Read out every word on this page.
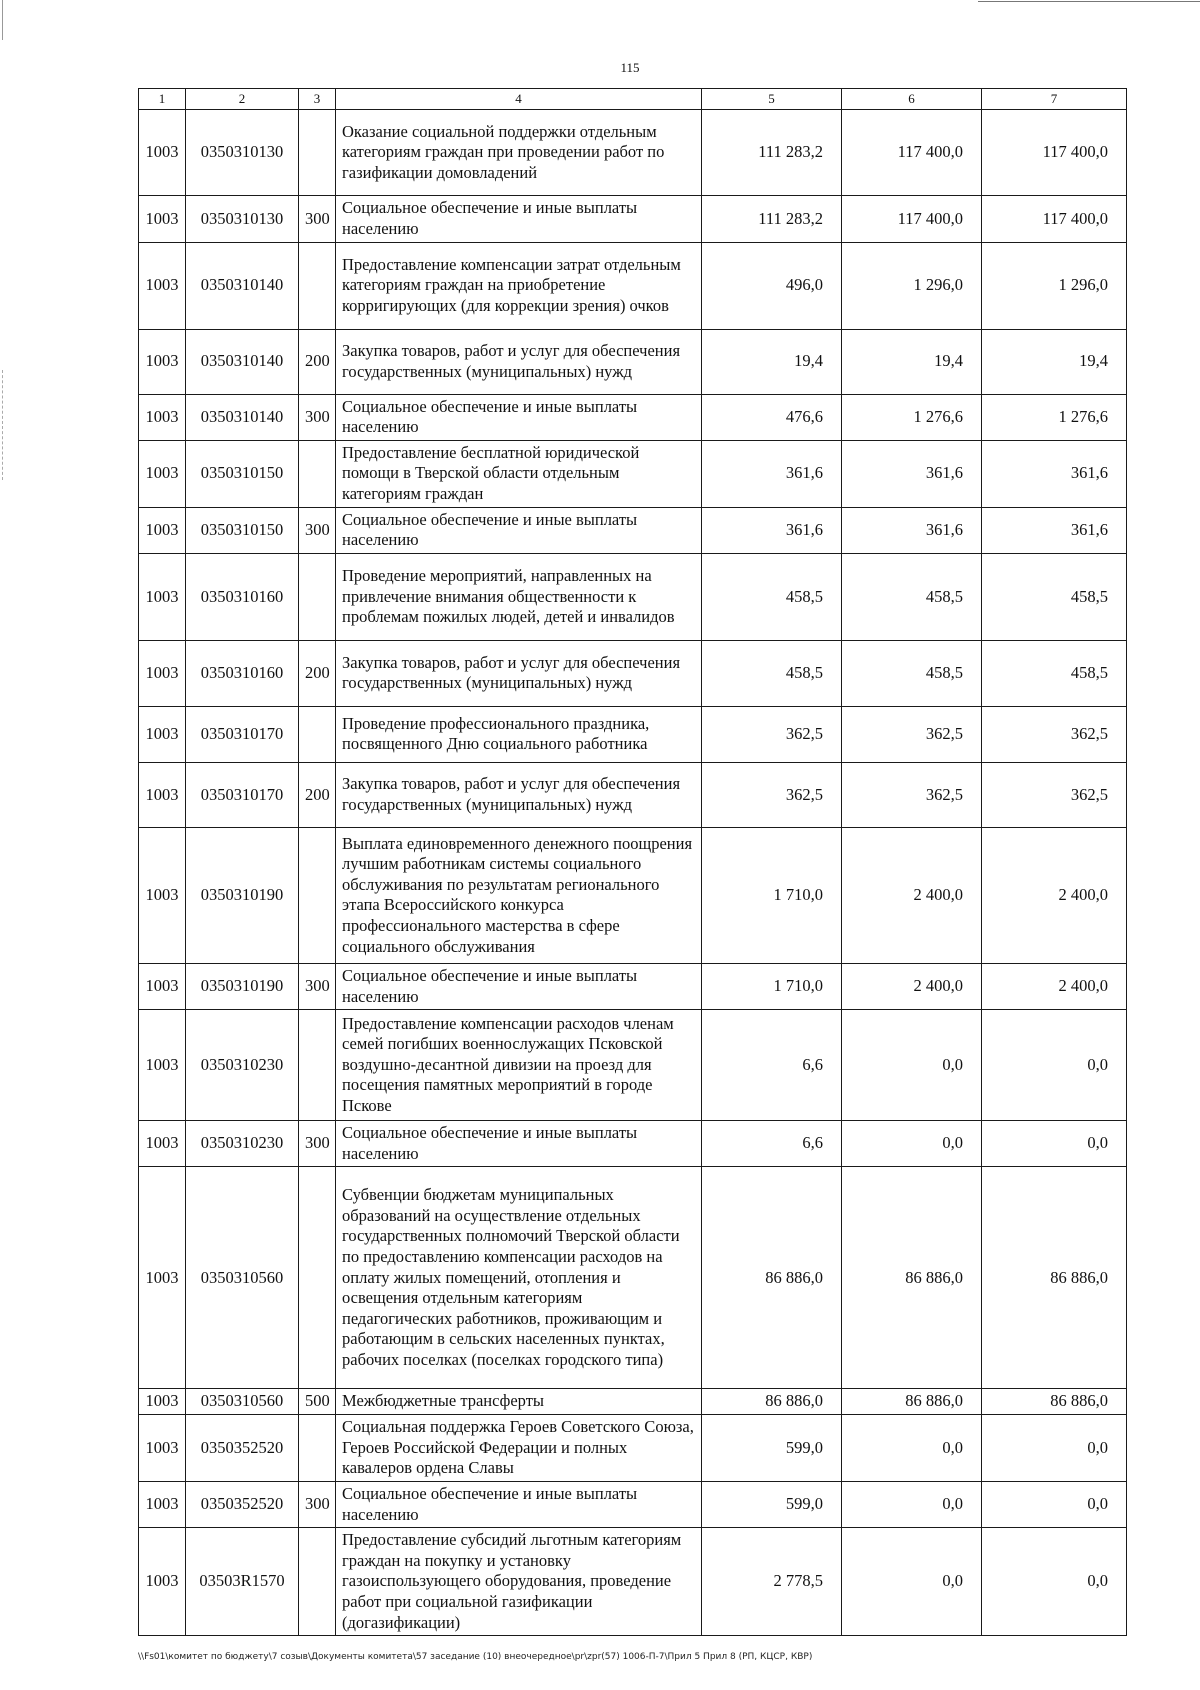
115
1	2	3	4	5	6	7
1003	0350310130		Оказание социальной поддержки отдельным категориям граждан при проведении работ по газификации домовладений	111 283,2	117 400,0	117 400,0
1003	0350310130	300	Социальное обеспечение и иные выплаты населению	111 283,2	117 400,0	117 400,0
1003	0350310140		Предоставление компенсации затрат отдельным категориям граждан на приобретение корригирующих (для коррекции зрения) очков	496,0	1 296,0	1 296,0
1003	0350310140	200	Закупка товаров, работ и услуг для обеспечения государственных (муниципальных) нужд	19,4	19,4	19,4
1003	0350310140	300	Социальное обеспечение и иные выплаты населению	476,6	1 276,6	1 276,6
1003	0350310150		Предоставление бесплатной юридической помощи в Тверской области отдельным категориям граждан	361,6	361,6	361,6
1003	0350310150	300	Социальное обеспечение и иные выплаты населению	361,6	361,6	361,6
1003	0350310160		Проведение мероприятий, направленных на привлечение внимания общественности к проблемам пожилых людей, детей и инвалидов	458,5	458,5	458,5
1003	0350310160	200	Закупка товаров, работ и услуг для обеспечения государственных (муниципальных) нужд	458,5	458,5	458,5
1003	0350310170		Проведение профессионального праздника, посвященного Дню социального работника	362,5	362,5	362,5
1003	0350310170	200	Закупка товаров, работ и услуг для обеспечения государственных (муниципальных) нужд	362,5	362,5	362,5
1003	0350310190		Выплата единовременного денежного поощрения лучшим работникам системы социального обслуживания по результатам регионального этапа Всероссийского конкурса профессионального мастерства в сфере социального обслуживания	1 710,0	2 400,0	2 400,0
1003	0350310190	300	Социальное обеспечение и иные выплаты населению	1 710,0	2 400,0	2 400,0
1003	0350310230		Предоставление компенсации расходов членам семей погибших военнослужащих Псковской воздушно-десантной дивизии на проезд для посещения памятных мероприятий в городе Пскове	6,6	0,0	0,0
1003	0350310230	300	Социальное обеспечение и иные выплаты населению	6,6	0,0	0,0
1003	0350310560		Субвенции бюджетам муниципальных образований на осуществление отдельных государственных полномочий Тверской области по предоставлению компенсации расходов на оплату жилых помещений, отопления и освещения отдельным категориям педагогических работников, проживающим и работающим в сельских населенных пунктах, рабочих поселках (поселках городского типа)	86 886,0	86 886,0	86 886,0
1003	0350310560	500	Межбюджетные трансферты	86 886,0	86 886,0	86 886,0
1003	0350352520		Социальная поддержка Героев Советского Союза, Героев Российской Федерации и полных кавалеров ордена Славы	599,0	0,0	0,0
1003	0350352520	300	Социальное обеспечение и иные выплаты населению	599,0	0,0	0,0
1003	03503R1570		Предоставление субсидий льготным категориям граждан на покупку и установку газоиспользующего оборудования, проведение работ при социальной газификации (догазификации)	2 778,5	0,0	0,0
\\Fs01\комитет по бюджету\7 созыв\Документы комитета\57 заседание (10) внеочередное\pr\zpr(57) 1006-П-7\Прил 5 Прил 8 (РП, КЦСР, КВР)
